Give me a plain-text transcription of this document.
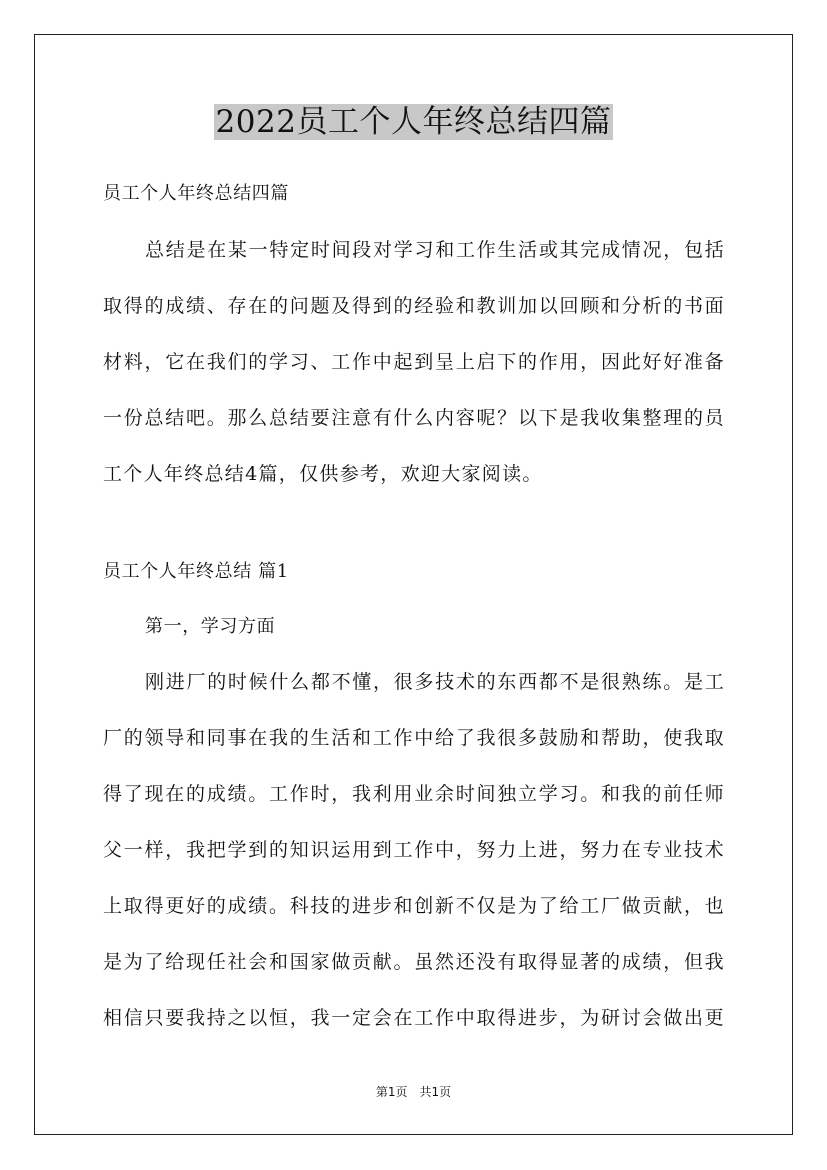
2022员工个人年终总结四篇
员工个人年终总结四篇
总结是在某一特定时间段对学习和工作生活或其完成情况，包括
取得的成绩、存在的问题及得到的经验和教训加以回顾和分析的书面
材料，它在我们的学习、工作中起到呈上启下的作用，因此好好准备
一份总结吧。那么总结要注意有什么内容呢？以下是我收集整理的员
工个人年终总结4篇，仅供参考，欢迎大家阅读。
员工个人年终总结 篇1
第一，学习方面
刚进厂的时候什么都不懂，很多技术的东西都不是很熟练。是工
厂的领导和同事在我的生活和工作中给了我很多鼓励和帮助，使我取
得了现在的成绩。工作时，我利用业余时间独立学习。和我的前任师
父一样，我把学到的知识运用到工作中，努力上进，努力在专业技术
上取得更好的成绩。科技的进步和创新不仅是为了给工厂做贡献，也
是为了给现任社会和国家做贡献。虽然还没有取得显著的成绩，但我
相信只要我持之以恒，我一定会在工作中取得进步，为研讨会做出更
第1页 共1页
